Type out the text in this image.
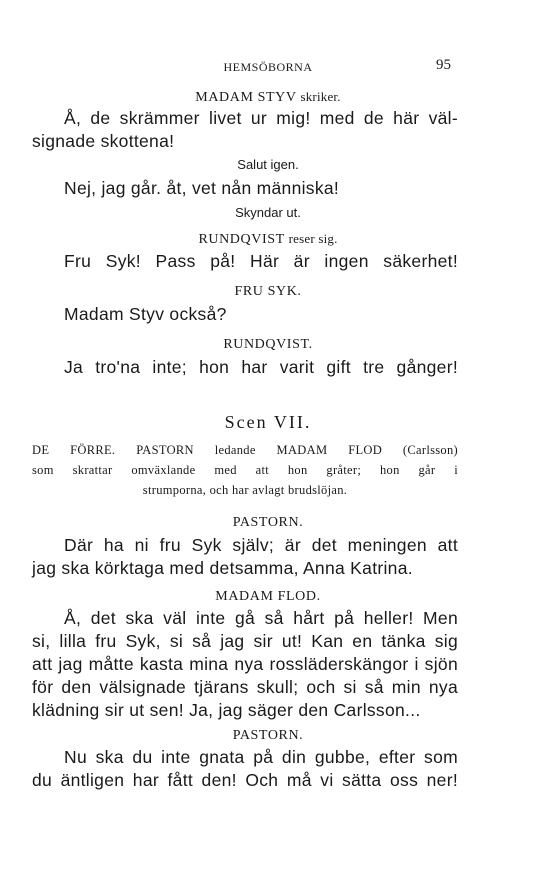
HEMSÖBORNA	95
MADAM STYV skriker.
Å, de skrämmer livet ur mig! med de här väl-
signade skottena!
Salut igen.
Nej, jag går. åt, vet nån människa!
Skyndar ut.
RUNDQVIST reser sig.
Fru Syk! Pass på! Här är ingen säkerhet!
FRU SYK.
Madam Styv också?
RUNDQVIST.
Ja tro'na inte; hon har varit gift tre gånger!
Scen VII.
DE FÖRRE. PASTORN ledande MADAM FLOD (Carlsson)
som skrattar omväxlande med att hon gråter; hon går i
strumporna, och har avlagt brudslöjan.
PASTORN.
Där ha ni fru Syk själv; är det meningen att
jag ska körktaga med detsamma, Anna Katrina.
MADAM FLOD.
Å, det ska väl inte gå så hårt på heller! Men
si, lilla fru Syk, si så jag sir ut! Kan en tänka sig
att jag måtte kasta mina nya rossläderskängor i sjön
för den välsignade tjärans skull; och si så min nya
klädning sir ut sen! Ja, jag säger den Carlsson...
PASTORN.
Nu ska du inte gnata på din gubbe, efter som
du äntligen har fått den! Och må vi sätta oss ner!
